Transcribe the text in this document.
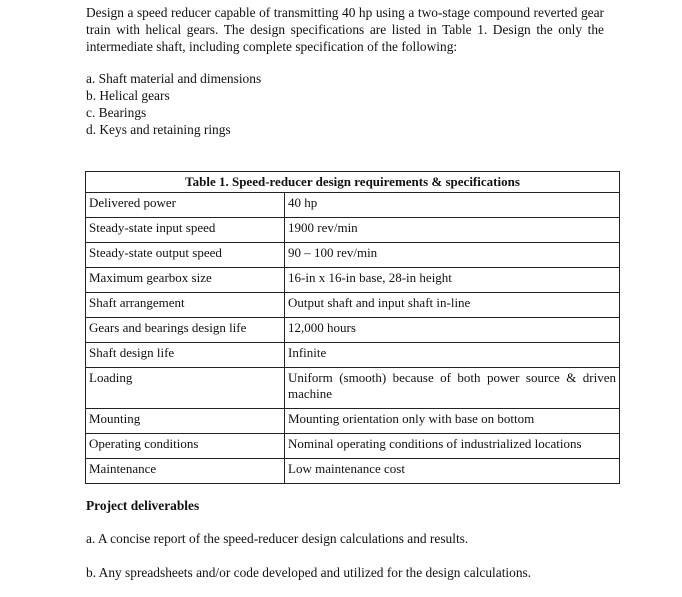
Design a speed reducer capable of transmitting 40 hp using a two-stage compound reverted gear train with helical gears. The design specifications are listed in Table 1. Design the only the intermediate shaft, including complete specification of the following:

a. Shaft material and dimensions
b. Helical gears
c. Bearings
d. Keys and retaining rings
Table 1. Speed-reducer design requirements & specifications	
Delivered power	40 hp
Steady-state input speed	1900 rev/min
Steady-state output speed	90 – 100 rev/min
Maximum gearbox size	16-in x 16-in base, 28-in height
Shaft arrangement	Output shaft and input shaft in-line
Gears and bearings design life	12,000 hours
Shaft design life	Infinite
Loading	Uniform (smooth) because of both power source & driven machine
Mounting	Mounting orientation only with base on bottom
Operating conditions	Nominal operating conditions of industrialized locations
Maintenance	Low maintenance cost

Project deliverables

a. A concise report of the speed-reducer design calculations and results.

b. Any spreadsheets and/or code developed and utilized for the design calculations.
